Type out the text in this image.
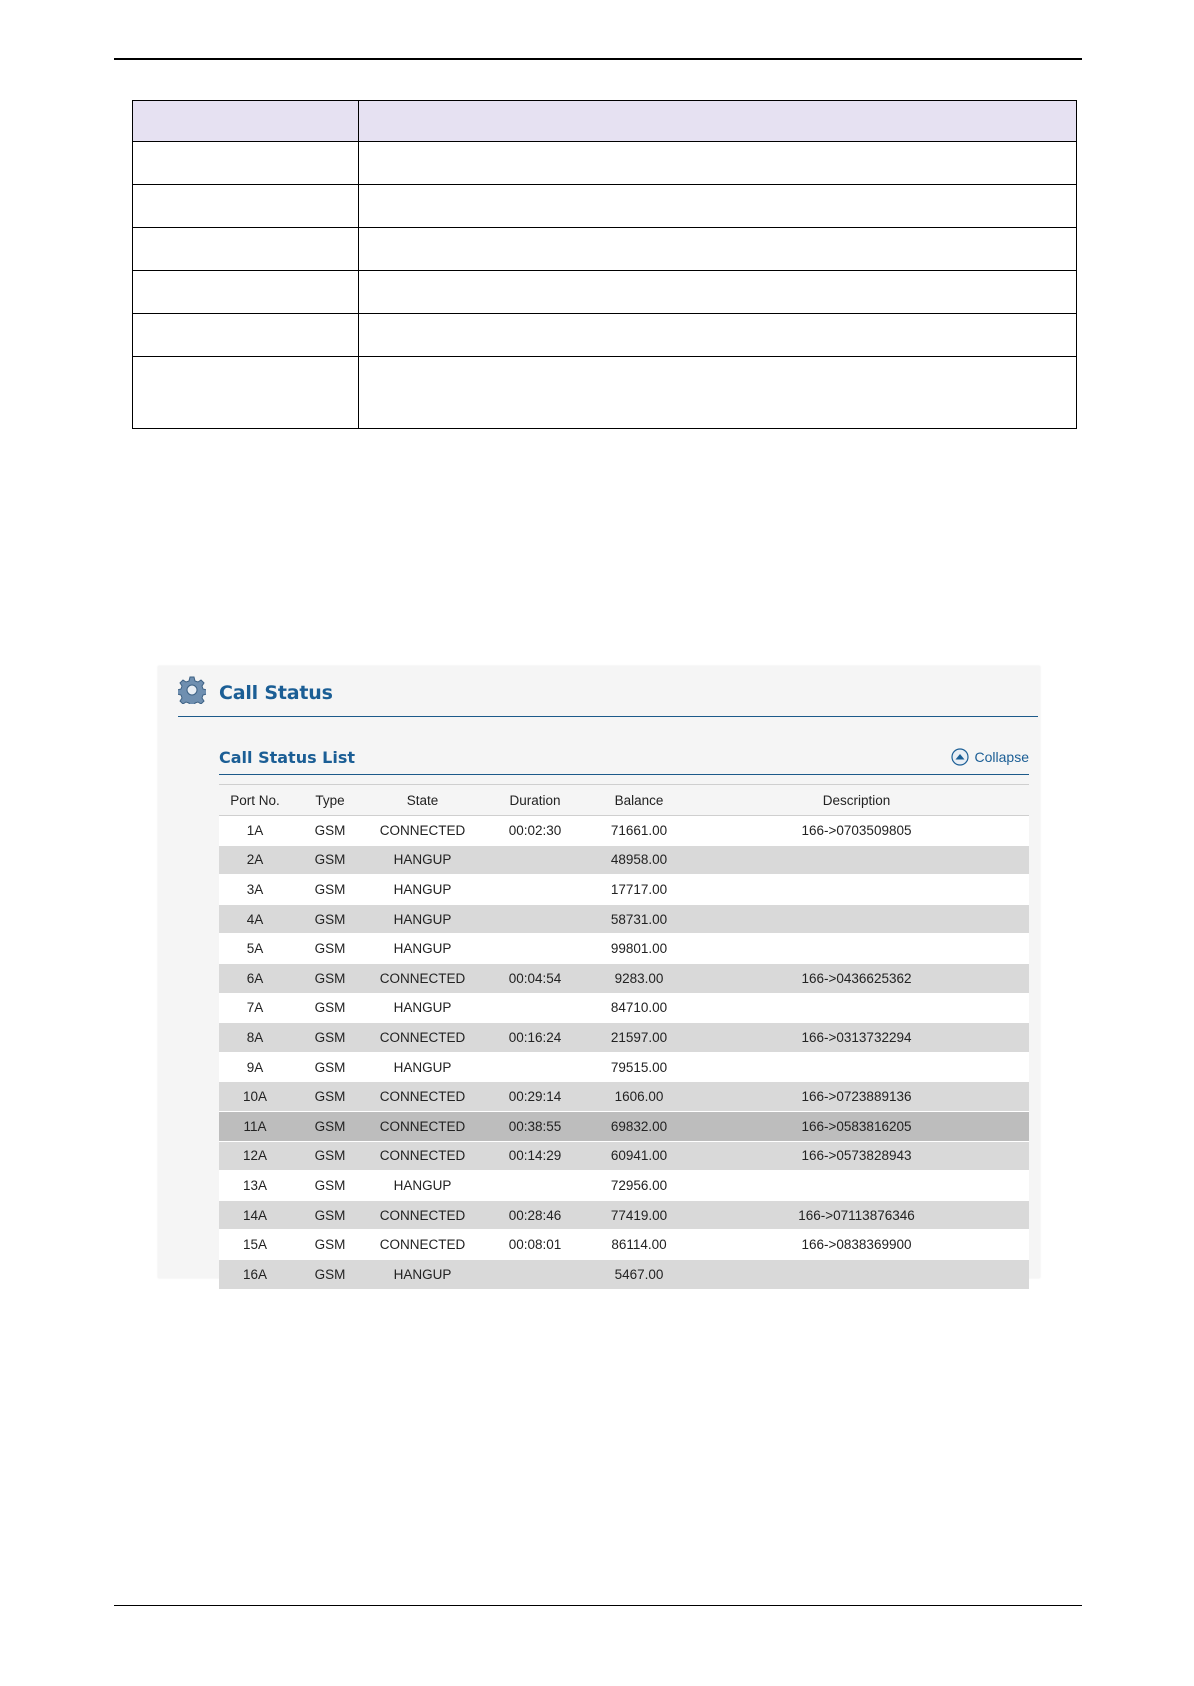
Call Status
Call Status List	Collapse
Port No.	Type	State	Duration	Balance	Description
1A	GSM	CONNECTED	00:02:30	71661.00	166->0703509805
2A	GSM	HANGUP		48958.00	
3A	GSM	HANGUP		17717.00	
4A	GSM	HANGUP		58731.00	
5A	GSM	HANGUP		99801.00	
6A	GSM	CONNECTED	00:04:54	9283.00	166->0436625362
7A	GSM	HANGUP		84710.00	
8A	GSM	CONNECTED	00:16:24	21597.00	166->0313732294
9A	GSM	HANGUP		79515.00	
10A	GSM	CONNECTED	00:29:14	1606.00	166->0723889136
11A	GSM	CONNECTED	00:38:55	69832.00	166->0583816205
12A	GSM	CONNECTED	00:14:29	60941.00	166->0573828943
13A	GSM	HANGUP		72956.00	
14A	GSM	CONNECTED	00:28:46	77419.00	166->07113876346
15A	GSM	CONNECTED	00:08:01	86114.00	166->0838369900
16A	GSM	HANGUP		5467.00	
